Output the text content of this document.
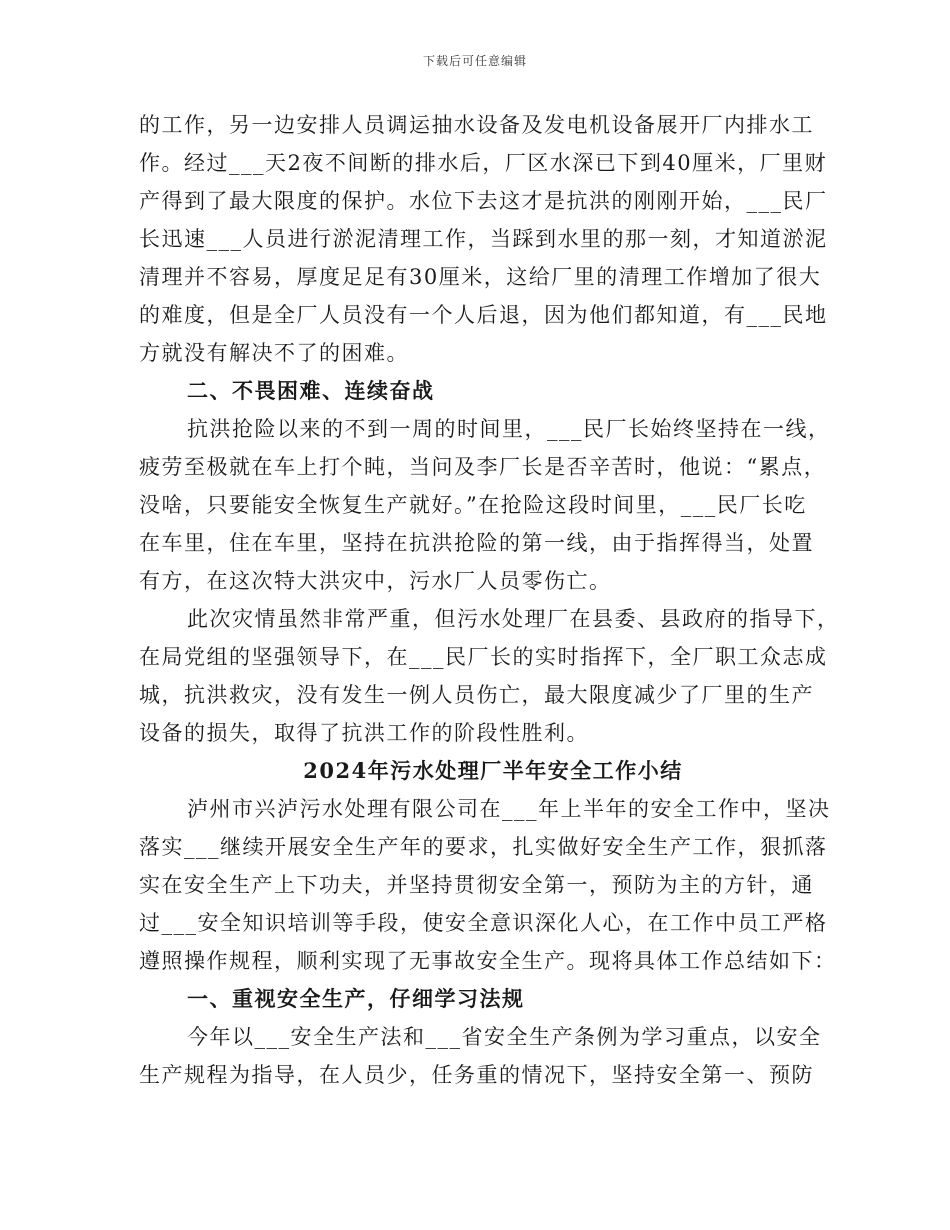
下载后可任意编辑
的工作，另一边安排人员调运抽水设备及发电机设备展开厂内排水工
作。经过___天2夜不间断的排水后，厂区水深已下到40厘米，厂里财
产得到了最大限度的保护。水位下去这才是抗洪的刚刚开始，___民厂
长迅速___人员进行淤泥清理工作，当踩到水里的那一刻，才知道淤泥
清理并不容易，厚度足足有30厘米，这给厂里的清理工作增加了很大
的难度，但是全厂人员没有一个人后退，因为他们都知道，有___民地
方就没有解决不了的困难。
二、不畏困难、连续奋战
抗洪抢险以来的不到一周的时间里，___民厂长始终坚持在一线，
疲劳至极就在车上打个盹，当问及李厂长是否辛苦时，他说：“累点，
没啥，只要能安全恢复生产就好。”在抢险这段时间里，___民厂长吃
在车里，住在车里，坚持在抗洪抢险的第一线，由于指挥得当，处置
有方，在这次特大洪灾中，污水厂人员零伤亡。
此次灾情虽然非常严重，但污水处理厂在县委、县政府的指导下，
在局党组的坚强领导下，在___民厂长的实时指挥下，全厂职工众志成
城，抗洪救灾，没有发生一例人员伤亡，最大限度减少了厂里的生产
设备的损失，取得了抗洪工作的阶段性胜利。
2024年污水处理厂半年安全工作小结
泸州市兴泸污水处理有限公司在___年上半年的安全工作中，坚决
落实___继续开展安全生产年的要求，扎实做好安全生产工作，狠抓落
实在安全生产上下功夫，并坚持贯彻安全第一，预防为主的方针，通
过___安全知识培训等手段，使安全意识深化人心，在工作中员工严格
遵照操作规程，顺利实现了无事故安全生产。现将具体工作总结如下：
一、重视安全生产，仔细学习法规
今年以___安全生产法和___省安全生产条例为学习重点，以安全
生产规程为指导，在人员少，任务重的情况下，坚持安全第一、预防
